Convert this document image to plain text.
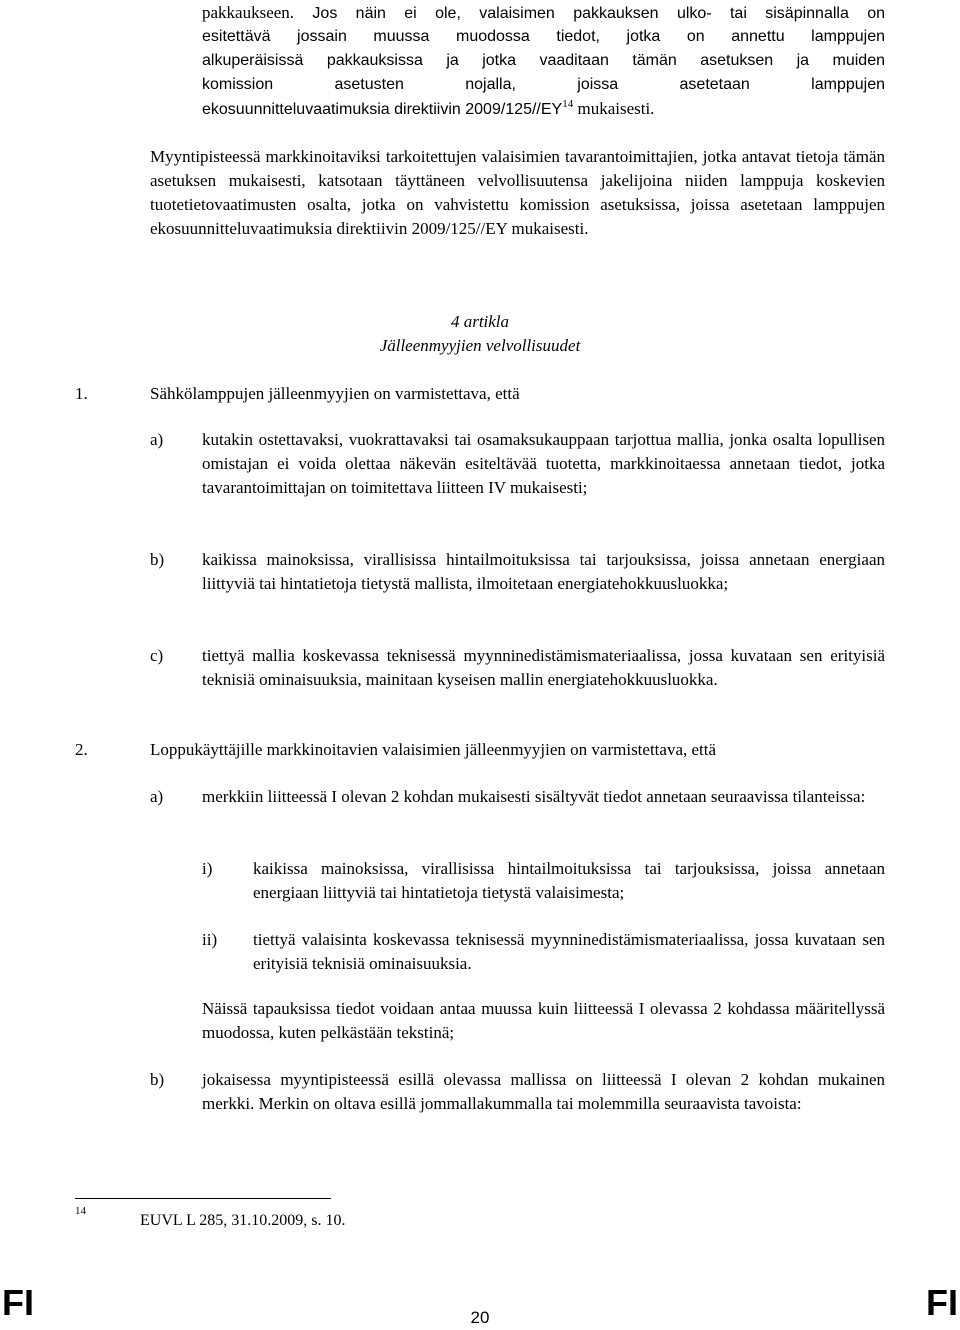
pakkaukseen. Jos näin ei ole, valaisimen pakkauksen ulko- tai sisäpinnalla on
esitettävä jossain muussa muodossa tiedot, jotka on annettu lamppujen
alkuperäisissä pakkauksissa ja jotka vaaditaan tämän asetuksen ja muiden
komission asetusten nojalla, joissa asetetaan lamppujen
ekosuunnitteluvaatimuksia direktiivin 2009/125//EY$^{14}$ mukaisesti.

Myyntipisteessä markkinoitaviksi tarkoitettujen valaisimien tavarantoimittajien, jotka antavat tietoja tämän asetuksen mukaisesti, katsotaan täyttäneen velvollisuutensa jakelijoina niiden lamppuja koskevien tuotetietovaatimusten osalta, jotka on vahvistettu komission asetuksissa, joissa asetetaan lamppujen ekosuunnitteluvaatimuksia direktiivin 2009/125//EY mukaisesti.

4 artikla
Jälleenmyyjien velvollisuudet
1.	Sähkölamppujen jälleenmyyjien on varmistettava, että
a) kutakin ostettavaksi, vuokrattavaksi tai osamaksukauppaan tarjottua mallia, jonka osalta lopullisen omistajan ei voida olettaa näkevän esiteltävää tuotetta, markkinoitaessa annetaan tiedot, jotka tavarantoimittajan on toimitettava liitteen IV mukaisesti;

b) kaikissa mainoksissa, virallisissa hintailmoituksissa tai tarjouksissa, joissa annetaan energiaan liittyviä tai hintatietoja tietystä mallista, ilmoitetaan energiatehokkuusluokka;

c) tiettyä mallia koskevassa teknisessä myynninedistämismateriaalissa, jossa kuvataan sen erityisiä teknisiä ominaisuuksia, mainitaan kyseisen mallin energiatehokkuusluokka.

2.	Loppukäyttäjille markkinoitavien valaisimien jälleenmyyjien on varmistettava, että
a) merkkiin liitteessä I olevan 2 kohdan mukaisesti sisältyvät tiedot annetaan seuraavissa tilanteissa:

i) kaikissa mainoksissa, virallisissa hintailmoituksissa tai tarjouksissa, joissa annetaan energiaan liittyviä tai hintatietoja tietystä valaisimesta;

ii) tiettyä valaisinta koskevassa teknisessä myynninedistämismateriaalissa, jossa kuvataan sen erityisiä teknisiä ominaisuuksia.

Näissä tapauksissa tiedot voidaan antaa muussa kuin liitteessä I olevassa 2 kohdassa määritellyssä muodossa, kuten pelkästään tekstinä;

b) jokaisessa myyntipisteessä esillä olevassa mallissa on liitteessä I olevan 2 kohdan mukainen merkki. Merkin on oltava esillä jommallakummalla tai molemmilla seuraavista tavoista:

14
EUVL L 285, 31.10.2009, s. 10.
FI	20	FI
